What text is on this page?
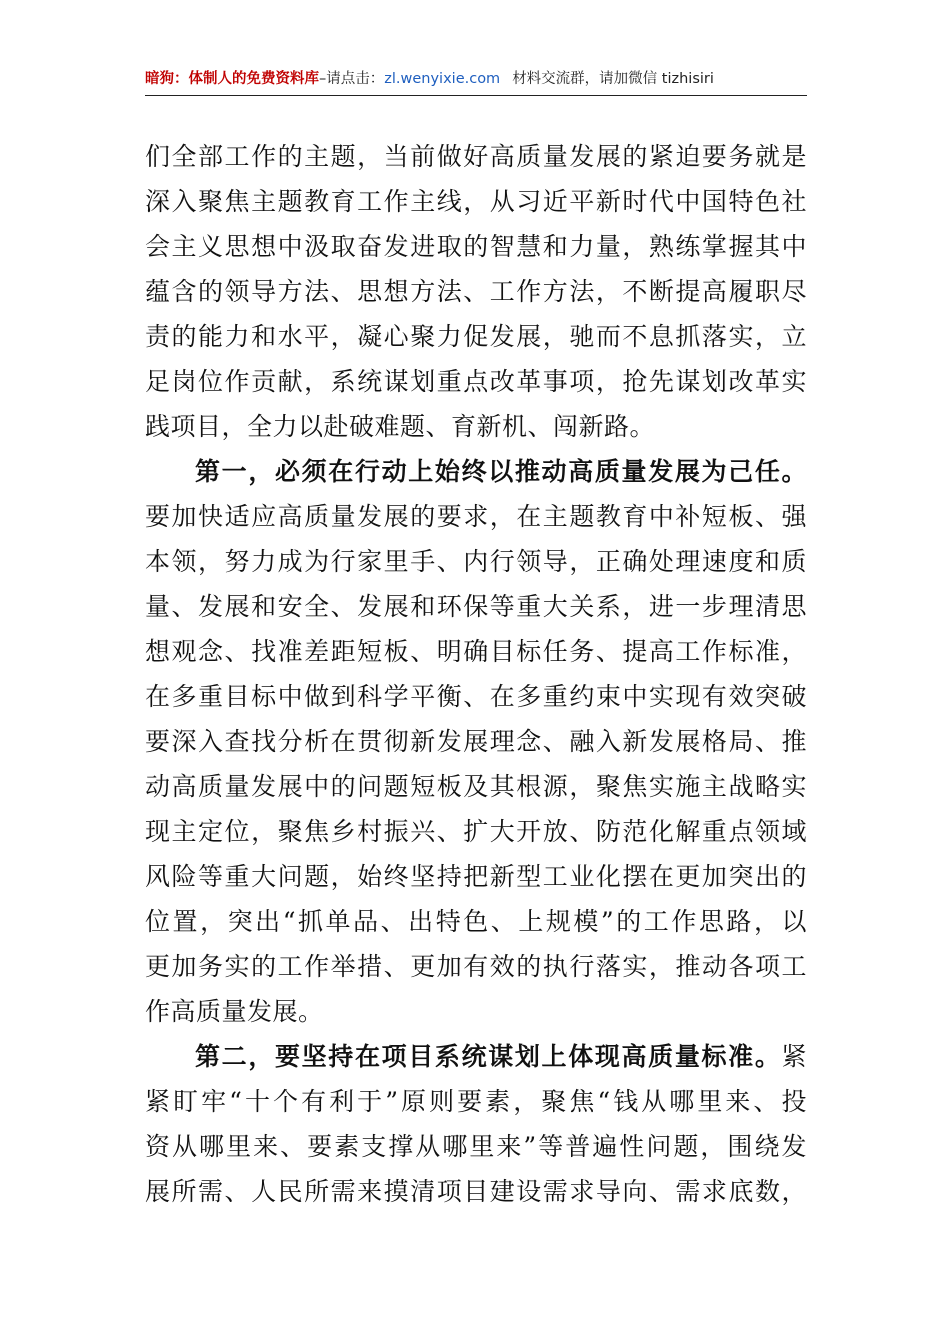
暗狗：体制人的免费资料库–请点击：zl.wenyixie.com 材料交流群，请加微信 tizhisiri
们全部工作的主题，当前做好高质量发展的紧迫要务就是
深入聚焦主题教育工作主线，从习近平新时代中国特色社
会主义思想中汲取奋发进取的智慧和力量，熟练掌握其中
蕴含的领导方法、思想方法、工作方法，不断提高履职尽
责的能力和水平，凝心聚力促发展，驰而不息抓落实，立
足岗位作贡献，系统谋划重点改革事项，抢先谋划改革实
践项目，全力以赴破难题、育新机、闯新路。
第一，必须在行动上始终以推动高质量发展为己任。
要加快适应高质量发展的要求，在主题教育中补短板、强
本领，努力成为行家里手、内行领导，正确处理速度和质
量、发展和安全、发展和环保等重大关系，进一步理清思
想观念、找准差距短板、明确目标任务、提高工作标准，
在多重目标中做到科学平衡、在多重约束中实现有效突破
要深入查找分析在贯彻新发展理念、融入新发展格局、推
动高质量发展中的问题短板及其根源，聚焦实施主战略实
现主定位，聚焦乡村振兴、扩大开放、防范化解重点领域
风险等重大问题，始终坚持把新型工业化摆在更加突出的
位置，突出“抓单品、出特色、上规模”的工作思路，以
更加务实的工作举措、更加有效的执行落实，推动各项工
作高质量发展。
第二，要坚持在项目系统谋划上体现高质量标准。紧
紧盯牢“十个有利于”原则要素，聚焦“钱从哪里来、投
资从哪里来、要素支撑从哪里来”等普遍性问题，围绕发
展所需、人民所需来摸清项目建设需求导向、需求底数，
